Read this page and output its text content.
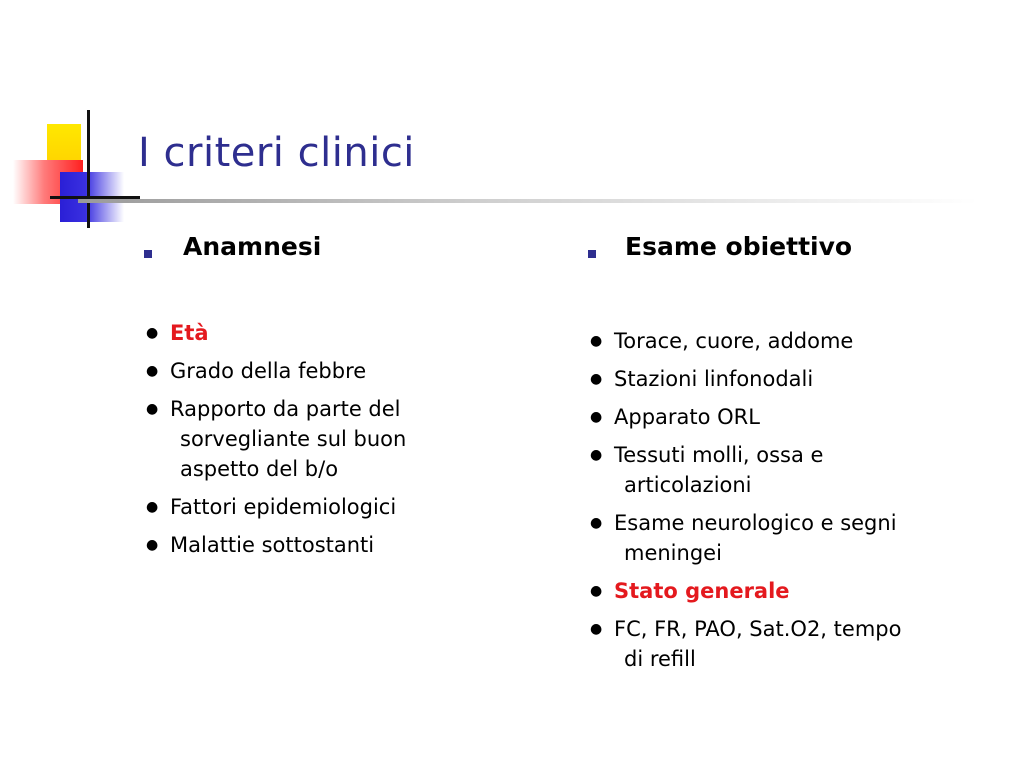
I criteri clinici
Anamnesi
● Età
● Grado della febbre
● Rapporto da parte del
sorvegliante sul buon
aspetto del b/o
● Fattori epidemiologici
● Malattie sottostanti
Esame obiettivo
● Torace, cuore, addome
● Stazioni linfonodali
● Apparato ORL
● Tessuti molli, ossa e
articolazioni
● Esame neurologico e segni
meningei
● Stato generale
● FC, FR, PAO, Sat.O2, tempo
di refill
